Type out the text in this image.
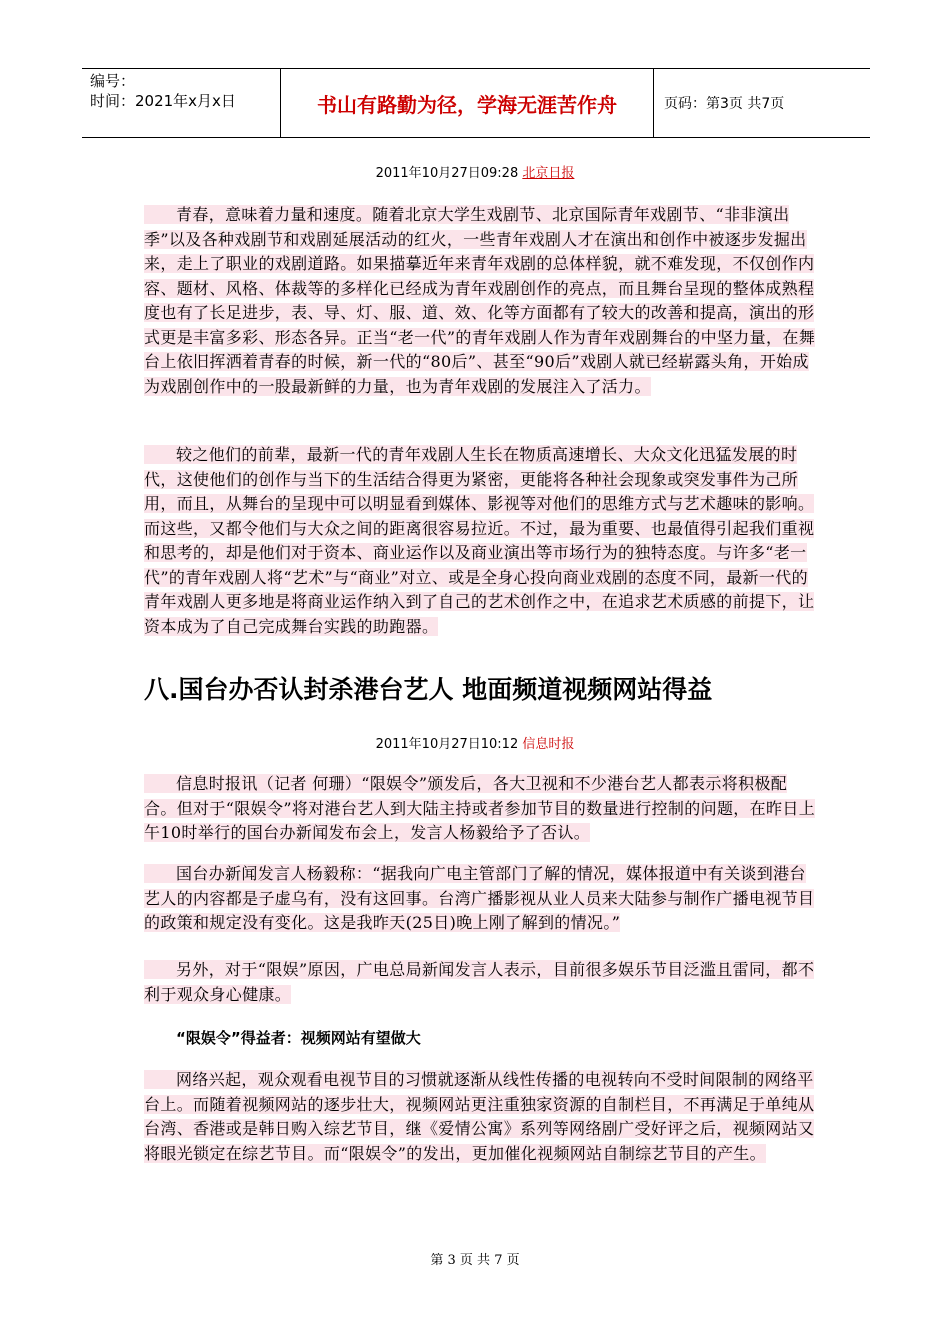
编号：
时间：2021年x月x日	书山有路勤为径，学海无涯苦作舟	页码：第3页 共7页
2011年10月27日09:28 北京日报
青春，意味着力量和速度。随着北京大学生戏剧节、北京国际青年戏剧节、“非非演出季”以及各种戏剧节和戏剧延展活动的红火，一些青年戏剧人才在演出和创作中被逐步发掘出来，走上了职业的戏剧道路。如果描摹近年来青年戏剧的总体样貌，就不难发现，不仅创作内容、题材、风格、体裁等的多样化已经成为青年戏剧创作的亮点，而且舞台呈现的整体成熟程度也有了长足进步，表、导、灯、服、道、效、化等方面都有了较大的改善和提高，演出的形式更是丰富多彩、形态各异。正当“老一代”的青年戏剧人作为青年戏剧舞台的中坚力量，在舞台上依旧挥洒着青春的时候，新一代的“80后”、甚至“90后”戏剧人就已经崭露头角，开始成为戏剧创作中的一股最新鲜的力量，也为青年戏剧的发展注入了活力。
较之他们的前辈，最新一代的青年戏剧人生长在物质高速增长、大众文化迅猛发展的时代，这使他们的创作与当下的生活结合得更为紧密，更能将各种社会现象或突发事件为己所用，而且，从舞台的呈现中可以明显看到媒体、影视等对他们的思维方式与艺术趣味的影响。而这些，又都令他们与大众之间的距离很容易拉近。不过，最为重要、也最值得引起我们重视和思考的，却是他们对于资本、商业运作以及商业演出等市场行为的独特态度。与许多“老一代”的青年戏剧人将“艺术”与“商业”对立、或是全身心投向商业戏剧的态度不同，最新一代的青年戏剧人更多地是将商业运作纳入到了自己的艺术创作之中，在追求艺术质感的前提下，让资本成为了自己完成舞台实践的助跑器。
八.国台办否认封杀港台艺人 地面频道视频网站得益
2011年10月27日10:12 信息时报
信息时报讯（记者 何珊）“限娱令”颁发后，各大卫视和不少港台艺人都表示将积极配合。但对于“限娱令”将对港台艺人到大陆主持或者参加节目的数量进行控制的问题，在昨日上午10时举行的国台办新闻发布会上，发言人杨毅给予了否认。
国台办新闻发言人杨毅称：“据我向广电主管部门了解的情况，媒体报道中有关谈到港台艺人的内容都是子虚乌有，没有这回事。台湾广播影视从业人员来大陆参与制作广播电视节目的政策和规定没有变化。这是我昨天(25日)晚上刚了解到的情况。”
另外，对于“限娱”原因，广电总局新闻发言人表示，目前很多娱乐节目泛滥且雷同，都不利于观众身心健康。
“限娱令”得益者：视频网站有望做大
网络兴起，观众观看电视节目的习惯就逐渐从线性传播的电视转向不受时间限制的网络平台上。而随着视频网站的逐步壮大，视频网站更注重独家资源的自制栏目，不再满足于单纯从台湾、香港或是韩日购入综艺节目，继《爱情公寓》系列等网络剧广受好评之后，视频网站又将眼光锁定在综艺节目。而“限娱令”的发出，更加催化视频网站自制综艺节目的产生。
第 3 页 共 7 页
